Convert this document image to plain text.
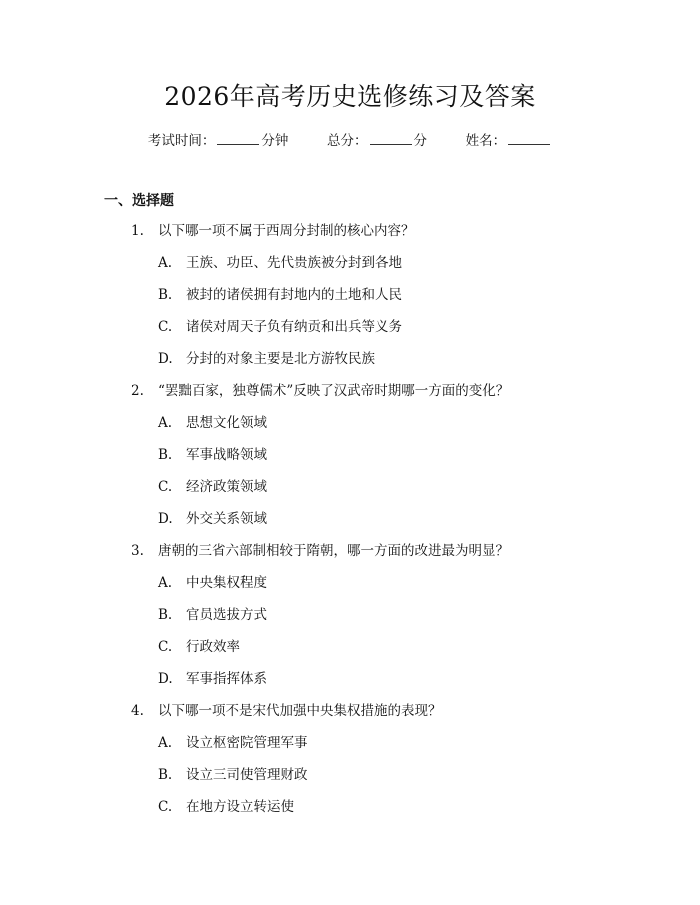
2026年高考历史选修练习及答案
考试时间：	分钟	总分：	分	姓名：
一、选择题
1. 以下哪一项不属于西周分封制的核心内容？
A. 王族、功臣、先代贵族被分封到各地
B. 被封的诸侯拥有封地内的土地和人民
C. 诸侯对周天子负有纳贡和出兵等义务
D. 分封的对象主要是北方游牧民族
2. “罢黜百家，独尊儒术”反映了汉武帝时期哪一方面的变化？
A. 思想文化领域
B. 军事战略领域
C. 经济政策领域
D. 外交关系领域
3. 唐朝的三省六部制相较于隋朝，哪一方面的改进最为明显？
A. 中央集权程度
B. 官员选拔方式
C. 行政效率
D. 军事指挥体系
4. 以下哪一项不是宋代加强中央集权措施的表现？
A. 设立枢密院管理军事
B. 设立三司使管理财政
C. 在地方设立转运使
